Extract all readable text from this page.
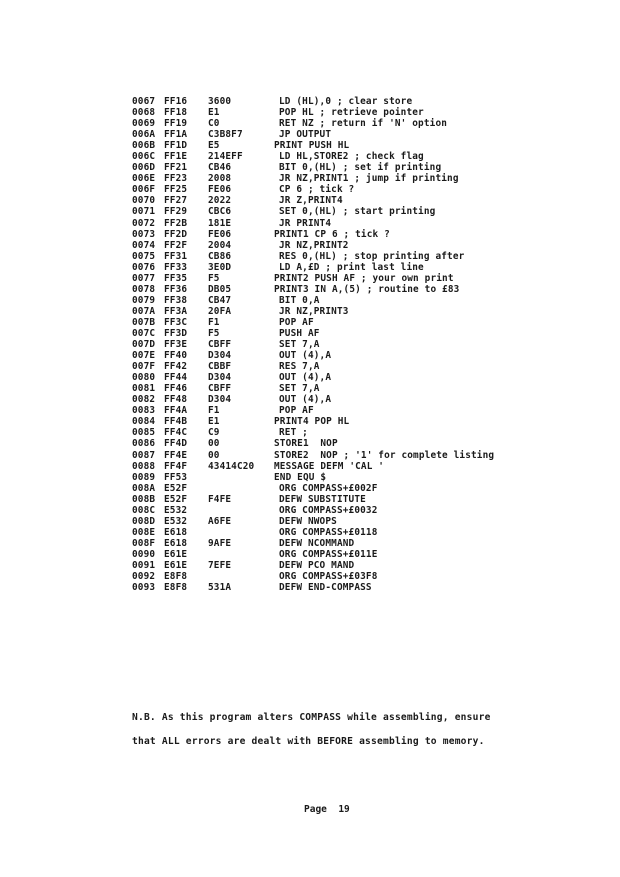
0067 FF16 3600	LD (HL),0 ; clear store
0068 FF18 E1	POP HL ; retrieve pointer
0069 FF19 C0	RET NZ ; return if 'N' option
006A FF1A C3B8F7	JP OUTPUT
006B FF1D E5	PRINT PUSH HL
006C FF1E 214EFF	LD HL,STORE2 ; check flag
006D FF21 CB46	BIT 0,(HL) ; set if printing
006E FF23 2008	JR NZ,PRINT1 ; jump if printing
006F FF25 FE06	CP 6 ; tick ?
0070 FF27 2022	JR Z,PRINT4
0071 FF29 CBC6	SET 0,(HL) ; start printing
0072 FF2B 181E	JR PRINT4
0073 FF2D FE06	PRINT1 CP 6 ; tick ?
0074 FF2F 2004	JR NZ,PRINT2
0075 FF31 CB86	RES 0,(HL) ; stop printing after
0076 FF33 3E0D	LD A,£D ; print last line
0077 FF35 F5	PRINT2 PUSH AF ; your own print
0078 FF36 DB05	PRINT3 IN A,(5) ; routine to £83
0079 FF38 CB47	BIT 0,A
007A FF3A 20FA	JR NZ,PRINT3
007B FF3C F1	POP AF
007C FF3D F5	PUSH AF
007D FF3E CBFF	SET 7,A
007E FF40 D304	OUT (4),A
007F FF42 CBBF	RES 7,A
0080 FF44 D304	OUT (4),A
0081 FF46 CBFF	SET 7,A
0082 FF48 D304	OUT (4),A
0083 FF4A F1	POP AF
0084 FF4B E1	PRINT4 POP HL
0085 FF4C C9	RET ;
0086 FF4D 00	STORE1  NOP
0087 FF4E 00	STORE2  NOP ; '1' for complete listing
0088 FF4F 43414C20 MESSAGE DEFM 'CAL '
0089 FF53	END EQU $
008A E52F	ORG COMPASS+£002F
008B E52F F4FE	DEFW SUBSTITUTE
008C E532	ORG COMPASS+£0032
008D E532 A6FE	DEFW NWOPS
008E E618	ORG COMPASS+£0118
008F E618 9AFE	DEFW NCOMMAND
0090 E61E	ORG COMPASS+£011E
0091 E61E 7EFE	DEFW PCO MAND
0092 E8F8	ORG COMPASS+£03F8
0093 E8F8 531A	DEFW END-COMPASS

N.B. As this program alters COMPASS while assembling, ensure

that ALL errors are dealt with BEFORE assembling to memory.

Page  19
